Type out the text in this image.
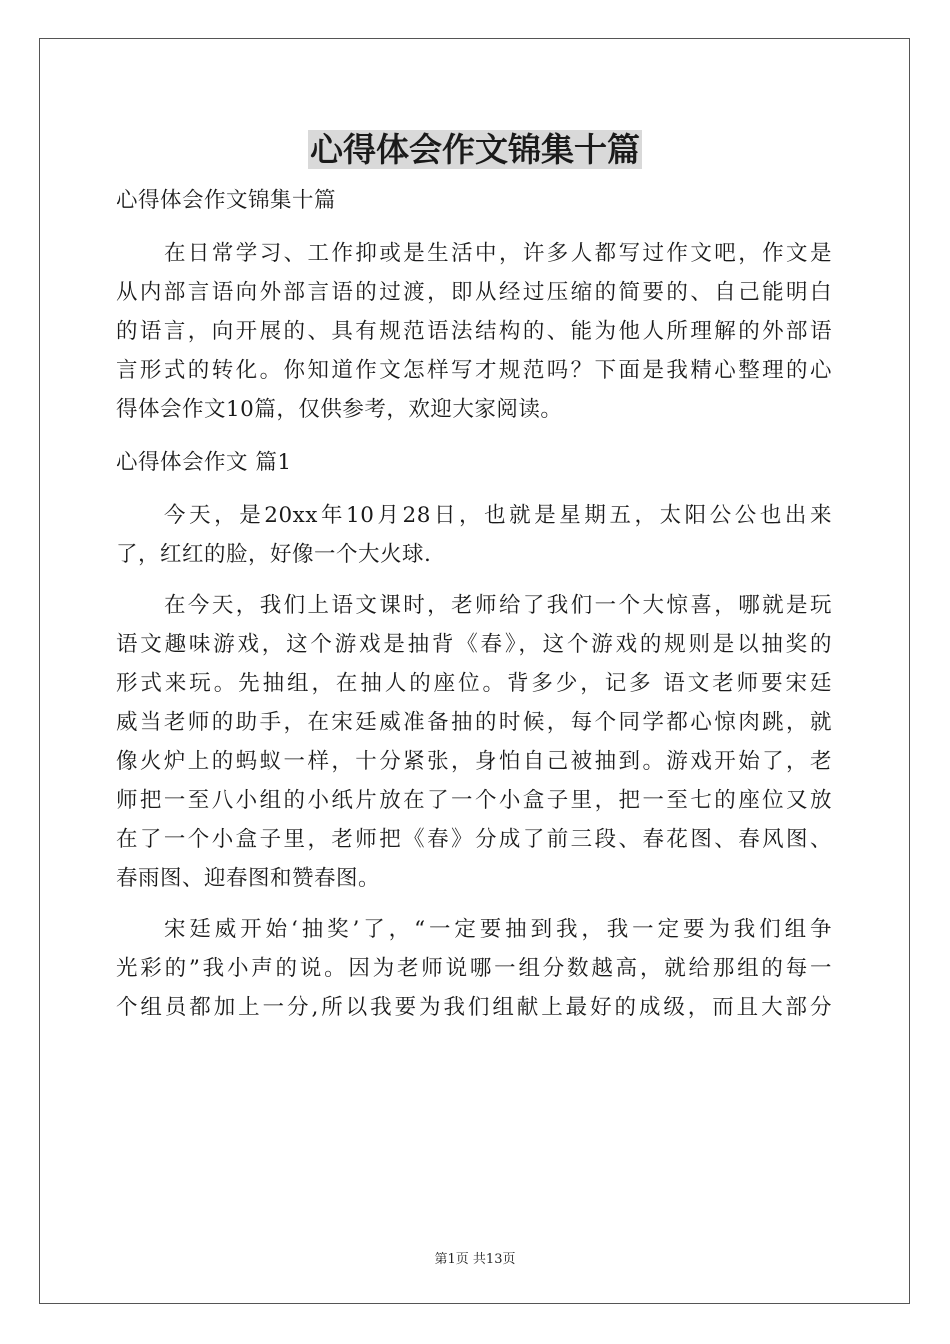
心得体会作文锦集十篇
心得体会作文锦集十篇
在日常学习、工作抑或是生活中，许多人都写过作文吧，作文是
从内部言语向外部言语的过渡，即从经过压缩的简要的、自己能明白
的语言，向开展的、具有规范语法结构的、能为他人所理解的外部语
言形式的转化。你知道作文怎样写才规范吗？下面是我精心整理的心
得体会作文10篇，仅供参考，欢迎大家阅读。
心得体会作文 篇1
今天，是20xx年10月28日，也就是星期五，太阳公公也出来
了，红红的脸，好像一个大火球.
在今天，我们上语文课时，老师给了我们一个大惊喜，哪就是玩
语文趣味游戏，这个游戏是抽背《春》，这个游戏的规则是以抽奖的
形式来玩。先抽组，在抽人的座位。背多少，记多 语文老师要宋廷
威当老师的助手，在宋廷威准备抽的时候，每个同学都心惊肉跳，就
像火炉上的蚂蚁一样，十分紧张，身怕自己被抽到。游戏开始了，老
师把一至八小组的小纸片放在了一个小盒子里，把一至七的座位又放
在了一个小盒子里，老师把《春》分成了前三段、春花图、春风图、
春雨图、迎春图和赞春图。
宋廷威开始‘抽奖’了，“一定要抽到我，我一定要为我们组争
光彩的”我小声的说。因为老师说哪一组分数越高，就给那组的每一
个组员都加上一分,所以我要为我们组献上最好的成级，而且大部分
第1页 共13页
